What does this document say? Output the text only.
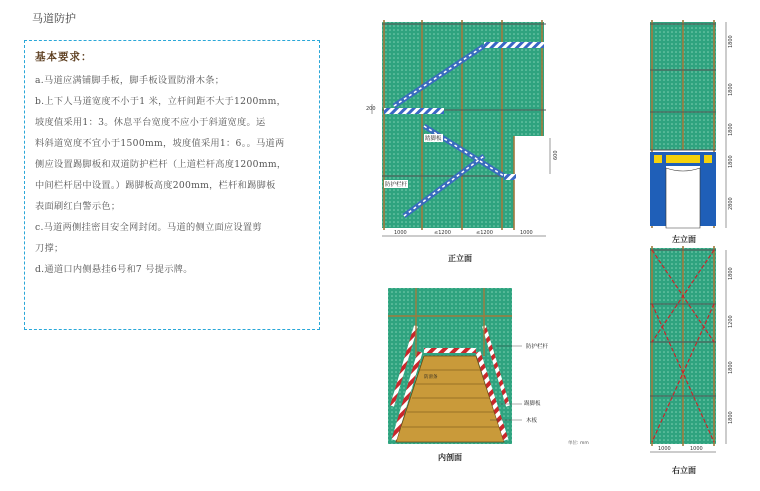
马道防护
基本要求：
a.马道应满铺脚手板，脚手板设置防滑木条；
b.上下人马道宽度不小于1 米，立杆间距不大于1200mm，
坡度值采用1：3。休息平台宽度不应小于斜道宽度。运
料斜道宽度不宜小于1500mm，坡度值采用1：6。。马道两
侧应设置踢脚板和双道防护栏杆（上道栏杆高度1200mm，
中间栏杆居中设置。）踢脚板高度200mm，栏杆和踢脚板
表面刷红白警示色；
c.马道两侧挂密目安全网封闭。马道的侧立面应设置剪
刀撑；
d.通道口内侧悬挂6号和7 号提示牌。
200
600
1000	≤1200	≤1200	1000
踏脚板
防护栏杆
正立面
1800
1800
1800
1800
2800
左立面
防护栏杆
踢脚板
木板
防滑条
单位: mm
内剖面
1000	1000
1800
1200
1800
1800
右立面
